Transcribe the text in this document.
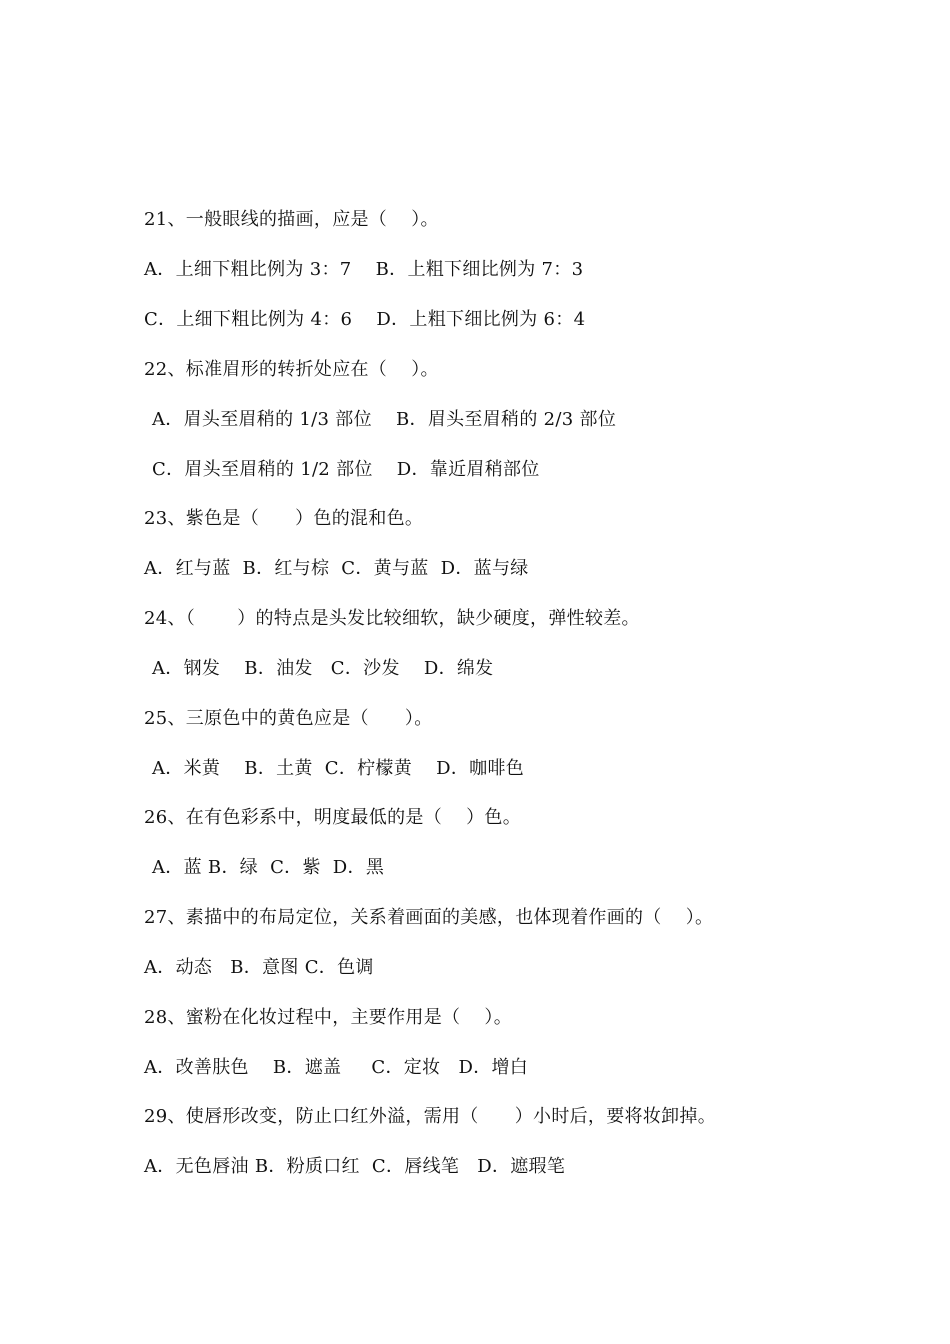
21、一般眼线的描画，应是（    ）。
A．上细下粗比例为 3：7    B．上粗下细比例为 7：3
C．上细下粗比例为 4：6    D．上粗下细比例为 6：4
22、标准眉形的转折处应在（    ）。
A．眉头至眉稍的 1/3 部位    B．眉头至眉稍的 2/3 部位
C．眉头至眉稍的 1/2 部位    D．靠近眉稍部位
23、紫色是（      ）色的混和色。
A．红与蓝  B．红与棕  C．黄与蓝  D．蓝与绿
24、（       ）的特点是头发比较细软，缺少硬度，弹性较差。
A．钢发    B．油发   C．沙发    D．绵发
25、三原色中的黄色应是（      ）。
A．米黄    B．土黄  C．柠檬黄    D．咖啡色
26、在有色彩系中，明度最低的是（    ）色。
A．蓝 B．绿  C．紫  D．黑
27、素描中的布局定位，关系着画面的美感，也体现着作画的（    ）。
A．动态   B．意图 C．色调
28、蜜粉在化妆过程中，主要作用是（    ）。
A．改善肤色    B．遮盖     C．定妆   D．增白
29、使唇形改变，防止口红外溢，需用（      ）小时后，要将妆卸掉。
A．无色唇油 B．粉质口红  C．唇线笔   D．遮瑕笔
